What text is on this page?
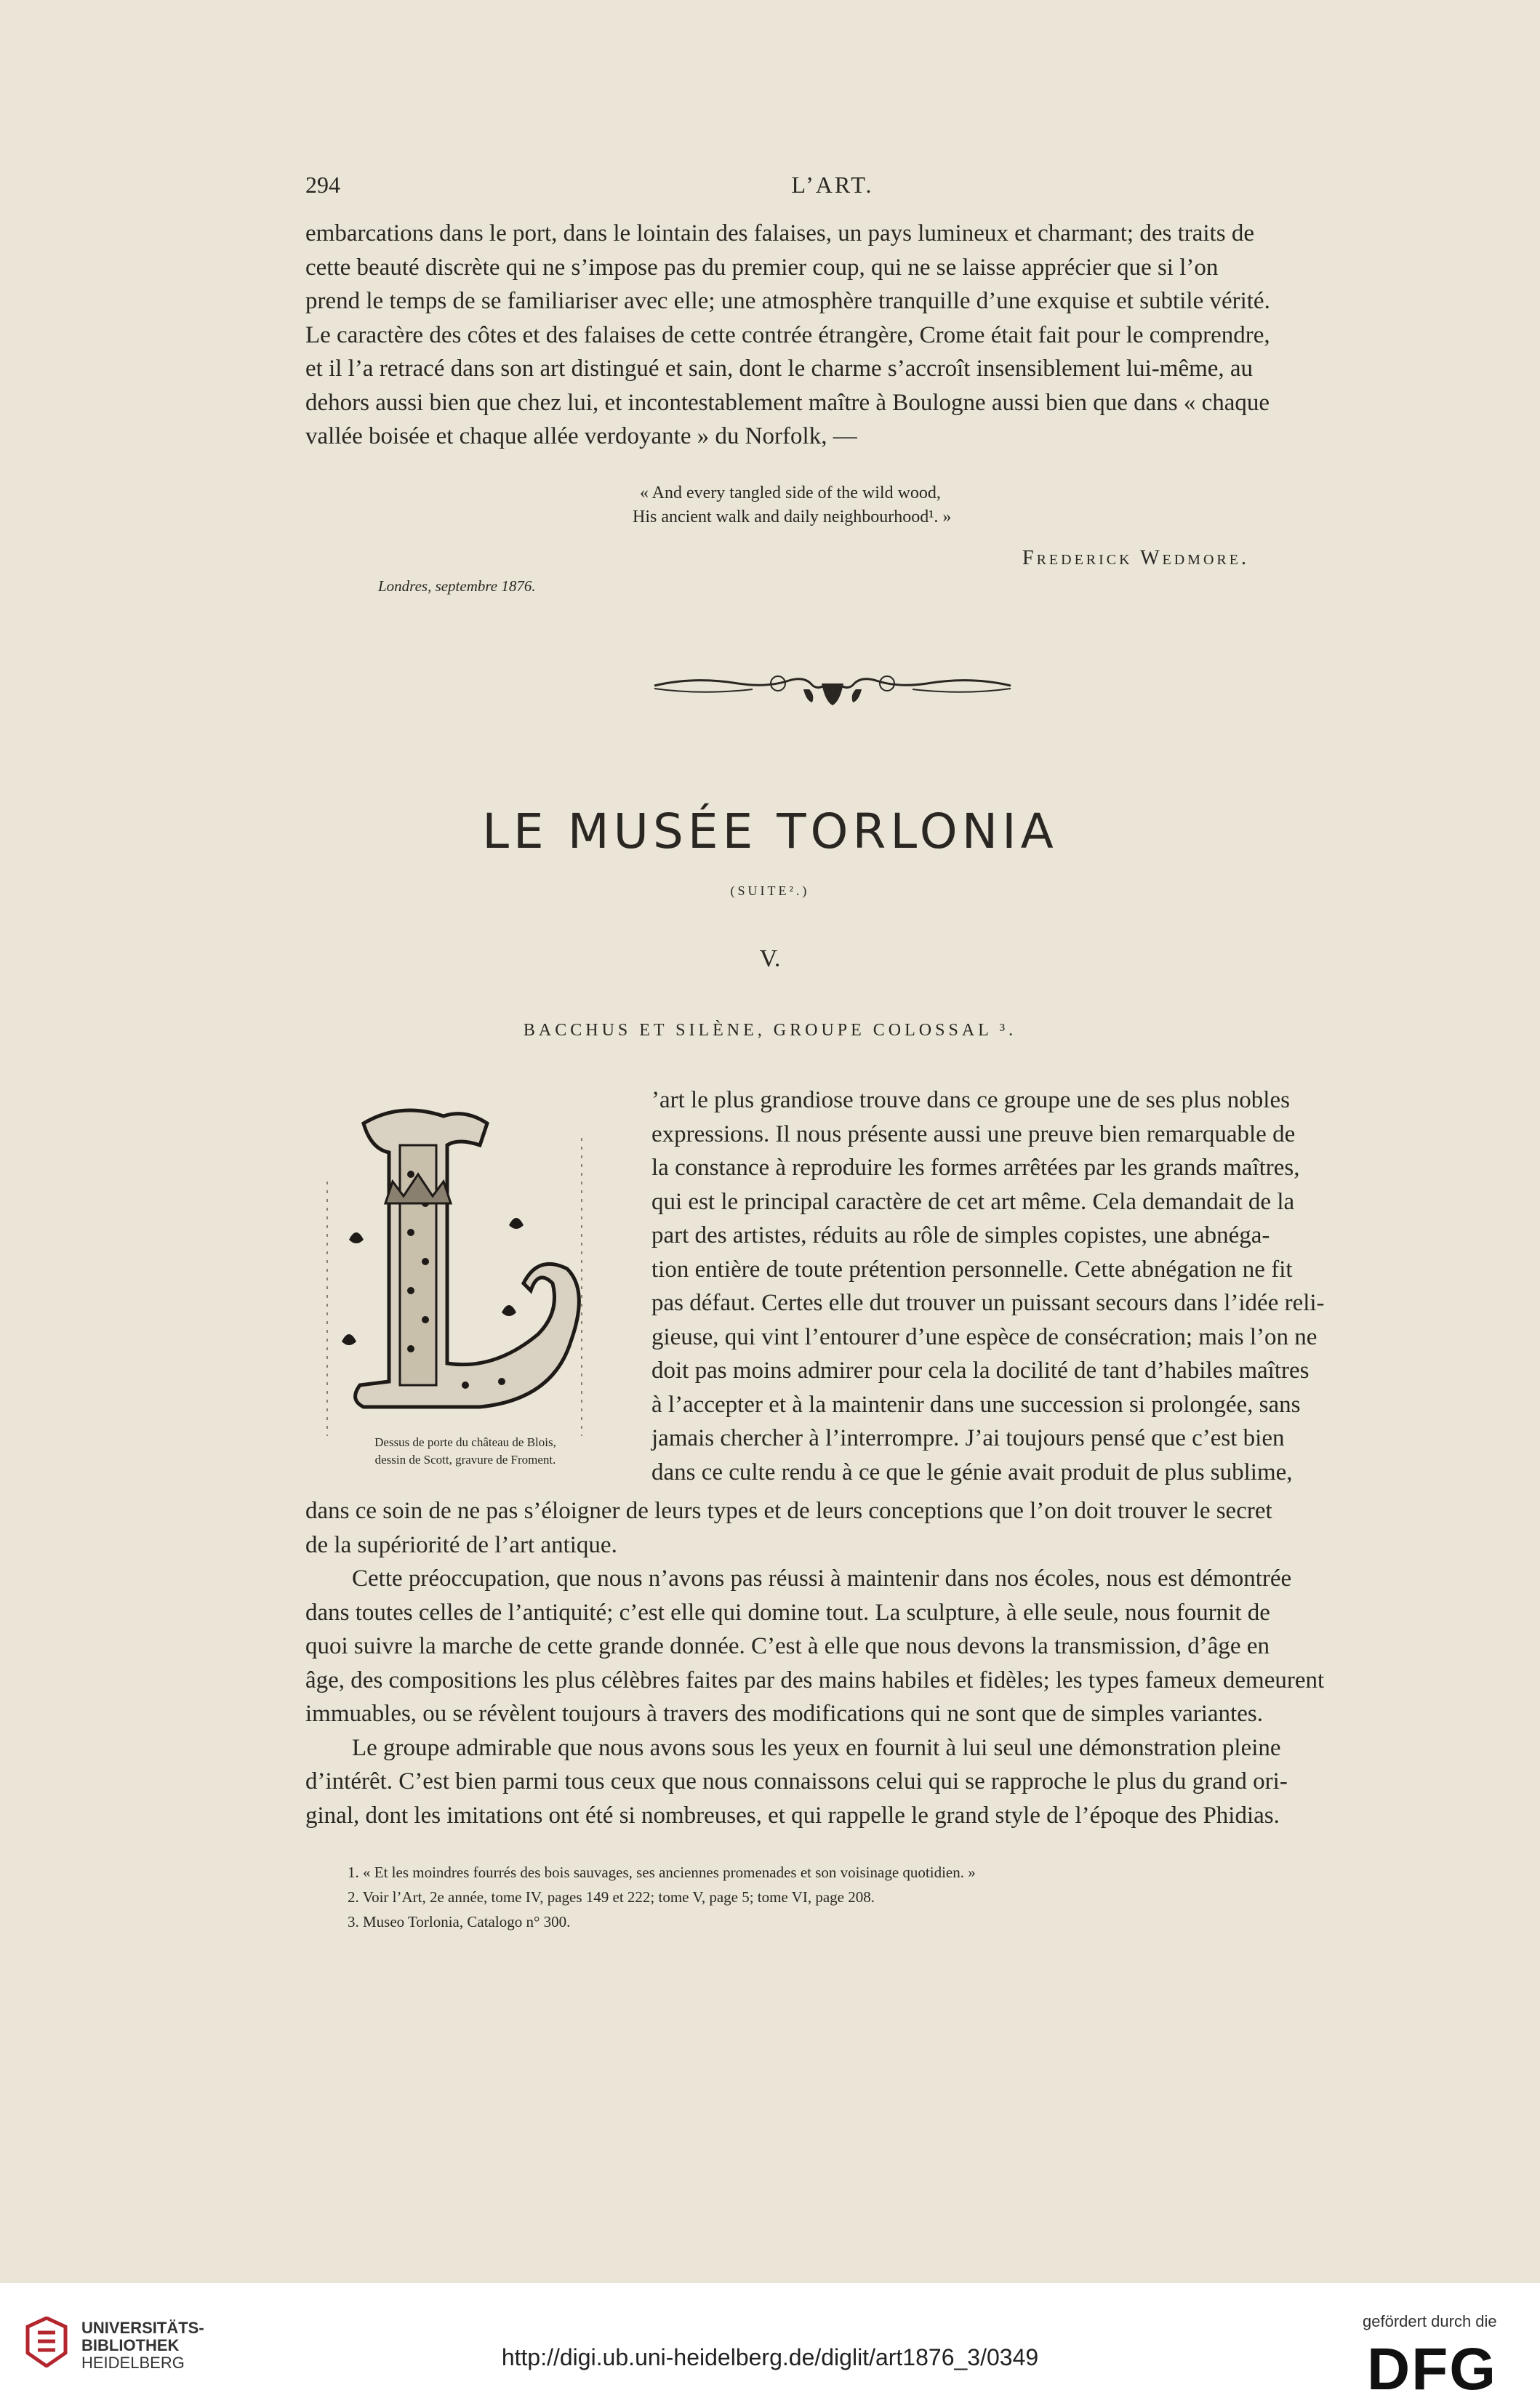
294	L’ART.
embarcations dans le port, dans le lointain des falaises, un pays lumineux et charmant; des traits de
cette beauté discrète qui ne s’impose pas du premier coup, qui ne se laisse apprécier que si l’on
prend le temps de se familiariser avec elle; une atmosphère tranquille d’une exquise et subtile vérité.
Le caractère des côtes et des falaises de cette contrée étrangère, Crome était fait pour le comprendre,
et il l’a retracé dans son art distingué et sain, dont le charme s’accroît insensiblement lui-même, au
dehors aussi bien que chez lui, et incontestablement maître à Boulogne aussi bien que dans « chaque
vallée boisée et chaque allée verdoyante » du Norfolk, —
« And every tangled side of the wild wood,
His ancient walk and daily neighbourhood¹. »
Frederick Wedmore.
Londres, septembre 1876.
LE MUSÉE TORLONIA
(SUITE².)
V.
BACCHUS ET SILÈNE, GROUPE COLOSSAL ³.
Dessus de porte du château de Blois,
dessin de Scott, gravure de Froment.
’art le plus grandiose trouve dans ce groupe une de ses plus nobles
expressions. Il nous présente aussi une preuve bien remarquable de
la constance à reproduire les formes arrêtées par les grands maîtres,
qui est le principal caractère de cet art même. Cela demandait de la
part des artistes, réduits au rôle de simples copistes, une abnéga-
tion entière de toute prétention personnelle. Cette abnégation ne fit
pas défaut. Certes elle dut trouver un puissant secours dans l’idée reli-
gieuse, qui vint l’entourer d’une espèce de consécration; mais l’on ne
doit pas moins admirer pour cela la docilité de tant d’habiles maîtres
à l’accepter et à la maintenir dans une succession si prolongée, sans
jamais chercher à l’interrompre. J’ai toujours pensé que c’est bien
dans ce culte rendu à ce que le génie avait produit de plus sublime,
dans ce soin de ne pas s’éloigner de leurs types et de leurs conceptions que l’on doit trouver le secret
de la supériorité de l’art antique.
Cette préoccupation, que nous n’avons pas réussi à maintenir dans nos écoles, nous est démontrée
dans toutes celles de l’antiquité; c’est elle qui domine tout. La sculpture, à elle seule, nous fournit de
quoi suivre la marche de cette grande donnée. C’est à elle que nous devons la transmission, d’âge en
âge, des compositions les plus célèbres faites par des mains habiles et fidèles; les types fameux demeurent
immuables, ou se révèlent toujours à travers des modifications qui ne sont que de simples variantes.
Le groupe admirable que nous avons sous les yeux en fournit à lui seul une démonstration pleine
d’intérêt. C’est bien parmi tous ceux que nous connaissons celui qui se rapproche le plus du grand ori-
ginal, dont les imitations ont été si nombreuses, et qui rappelle le grand style de l’époque des Phidias.
1. « Et les moindres fourrés des bois sauvages, ses anciennes promenades et son voisinage quotidien. »
2. Voir l’Art, 2e année, tome IV, pages 149 et 222; tome V, page 5; tome VI, page 208.
3. Museo Torlonia, Catalogo n° 300.
UNIVERSITÄTS-
BIBLIOTHEK
HEIDELBERG	http://digi.ub.uni-heidelberg.de/diglit/art1876_3/0349
gefördert durch die
DFG
